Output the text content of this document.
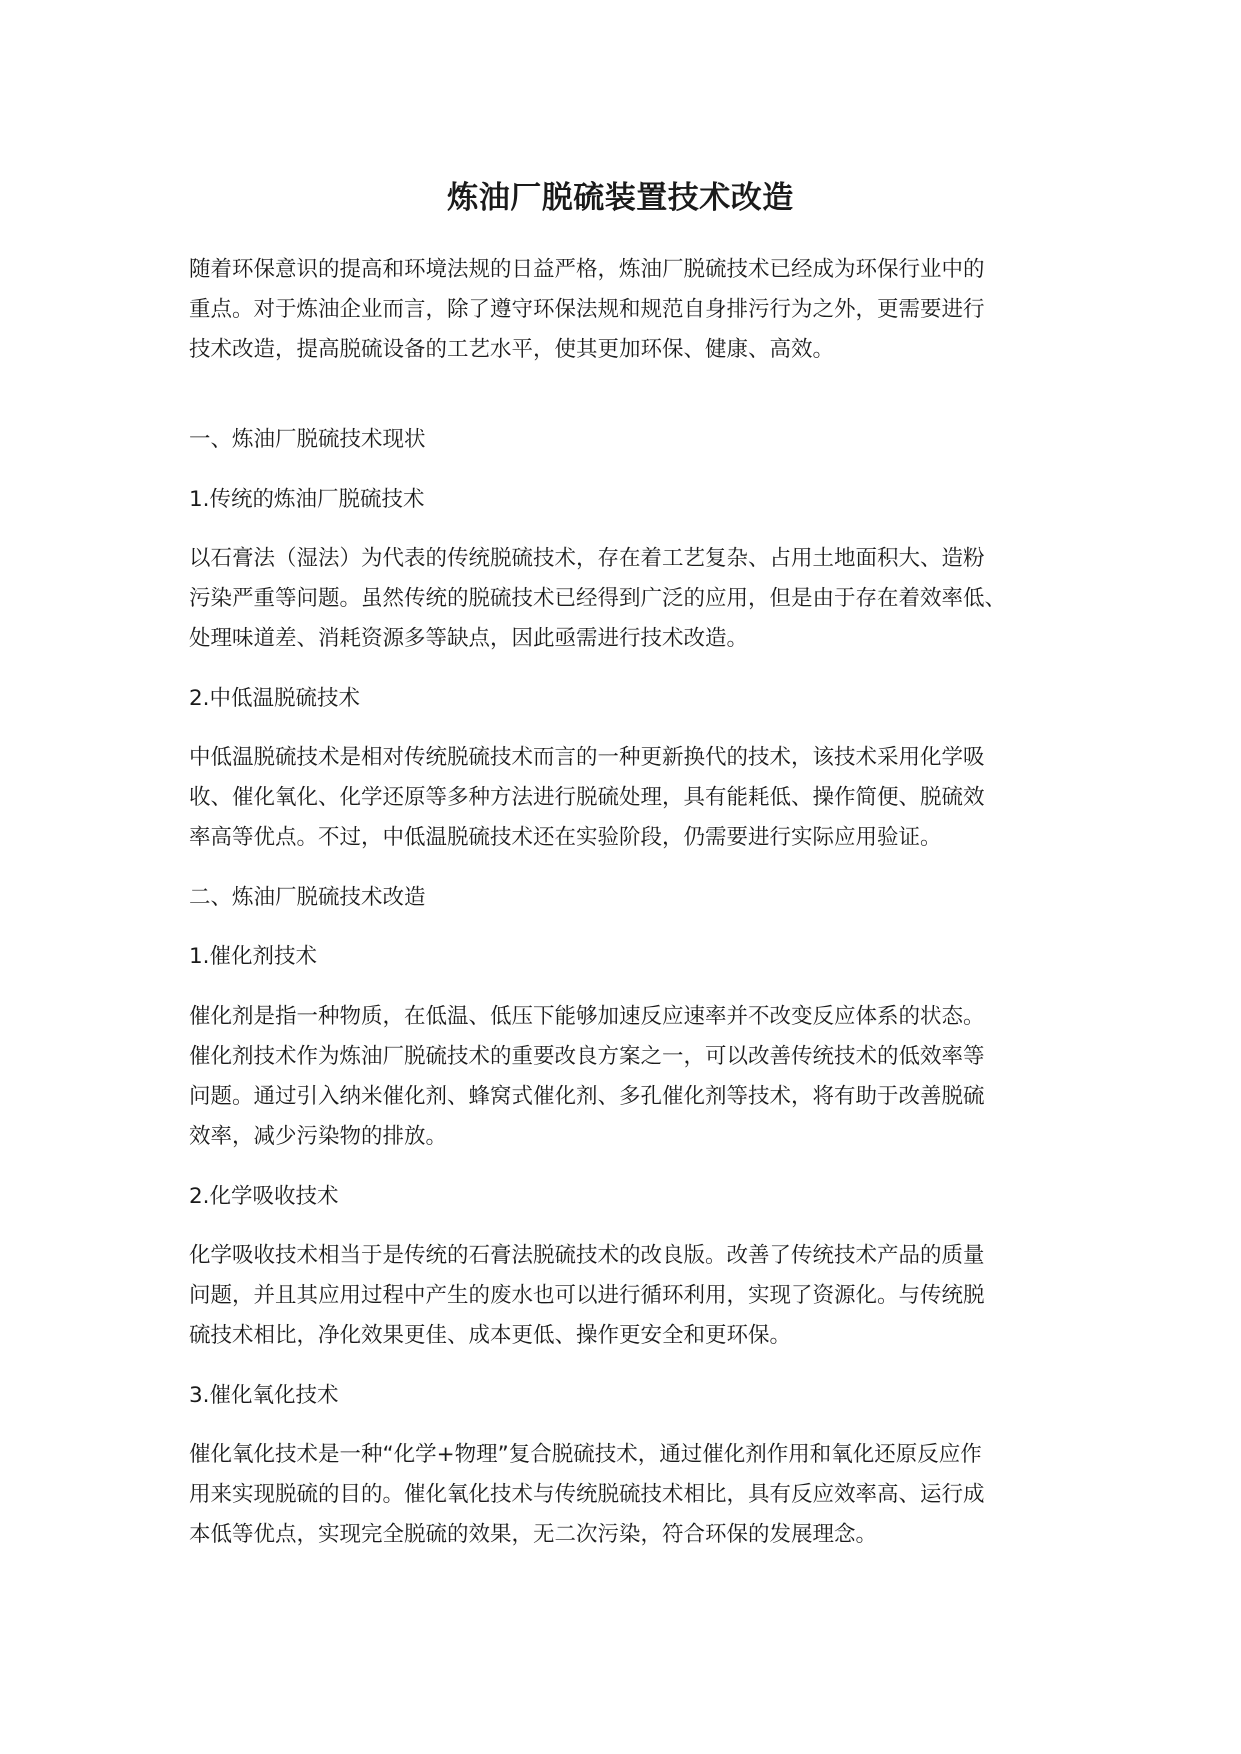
炼油厂脱硫装置技术改造
随着环保意识的提高和环境法规的日益严格，炼油厂脱硫技术已经成为环保行业中的
重点。对于炼油企业而言，除了遵守环保法规和规范自身排污行为之外，更需要进行
技术改造，提高脱硫设备的工艺水平，使其更加环保、健康、高效。
一、炼油厂脱硫技术现状
1.传统的炼油厂脱硫技术
以石膏法（湿法）为代表的传统脱硫技术，存在着工艺复杂、占用土地面积大、造粉
污染严重等问题。虽然传统的脱硫技术已经得到广泛的应用，但是由于存在着效率低、
处理味道差、消耗资源多等缺点，因此亟需进行技术改造。
2.中低温脱硫技术
中低温脱硫技术是相对传统脱硫技术而言的一种更新换代的技术，该技术采用化学吸
收、催化氧化、化学还原等多种方法进行脱硫处理，具有能耗低、操作简便、脱硫效
率高等优点。不过，中低温脱硫技术还在实验阶段，仍需要进行实际应用验证。
二、炼油厂脱硫技术改造
1.催化剂技术
催化剂是指一种物质，在低温、低压下能够加速反应速率并不改变反应体系的状态。
催化剂技术作为炼油厂脱硫技术的重要改良方案之一，可以改善传统技术的低效率等
问题。通过引入纳米催化剂、蜂窝式催化剂、多孔催化剂等技术，将有助于改善脱硫
效率，减少污染物的排放。
2.化学吸收技术
化学吸收技术相当于是传统的石膏法脱硫技术的改良版。改善了传统技术产品的质量
问题，并且其应用过程中产生的废水也可以进行循环利用，实现了资源化。与传统脱
硫技术相比，净化效果更佳、成本更低、操作更安全和更环保。
3.催化氧化技术
催化氧化技术是一种“化学+物理”复合脱硫技术，通过催化剂作用和氧化还原反应作
用来实现脱硫的目的。催化氧化技术与传统脱硫技术相比，具有反应效率高、运行成
本低等优点，实现完全脱硫的效果，无二次污染，符合环保的发展理念。
